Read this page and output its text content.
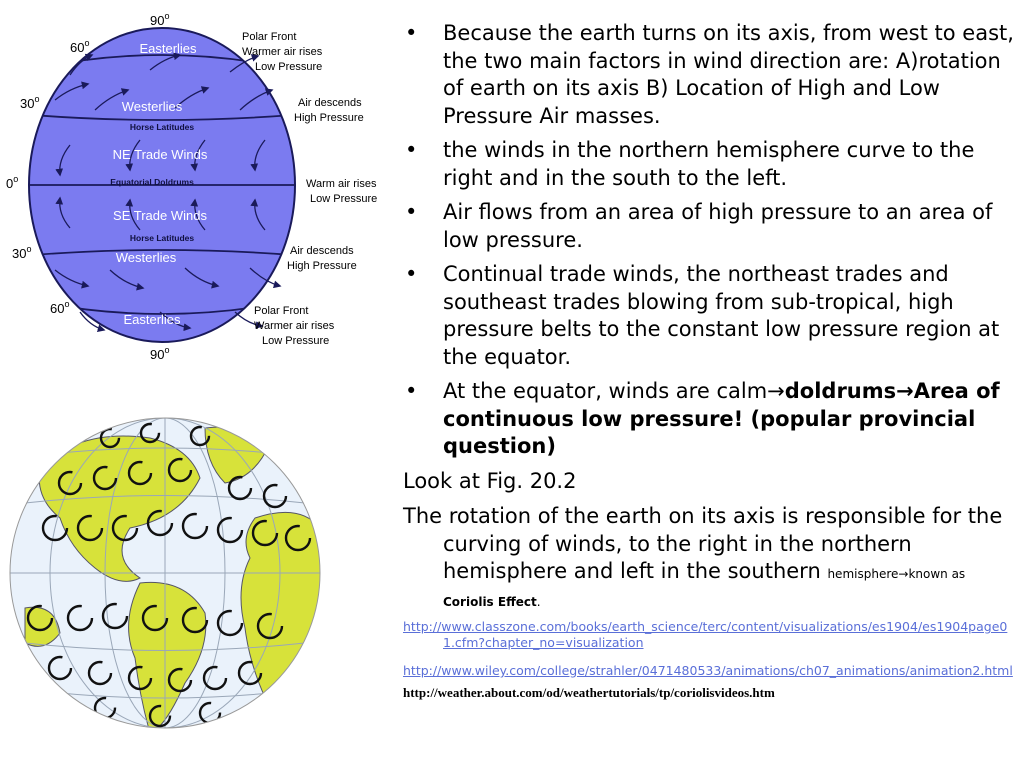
Easterlies
Westerlies
NE Trade Winds
SE Trade Winds
Westerlies
Easterlies
Horse Latitudes
Equatorial Doldrums
Horse Latitudes
90$^o$
60$^o$
30$^o$
0$^o$
30$^o$
60$^o$
90$^o$
Polar Front Warmer air rises Low Pressure
Air descends High Pressure
Warm air rises Low Pressure
Air descends High Pressure
Polar Front Warmer air rises Low Pressure
•	Because the earth turns on its axis, from west to east, the two main factors in wind direction are: A)rotation of earth on its axis B) Location of High and Low Pressure Air masses.
•	the winds in the northern hemisphere curve to the right and in the south to the left.
•	Air flows from an area of high pressure to an area of low pressure.
•	Continual trade winds, the northeast trades and southeast trades blowing from sub-tropical, high pressure belts to the constant low pressure region at the equator.
•	At the equator, winds are calm→doldrums→Area of continuous low pressure! (popular provincial question)
Look at Fig. 20.2
The rotation of the earth on its axis is responsible for the curving of winds, to the right in the northern hemisphere and left in the southern hemisphere→known as Coriolis Effect.
http://www.classzone.com/books/earth_science/terc/content/visualizations/es1904/es1904page01.cfm?chapter_no=visualization
http://www.wiley.com/college/strahler/0471480533/animations/ch07_animations/animation2.html
http://weather.about.com/od/weathertutorials/tp/coriolisvideos.htm
